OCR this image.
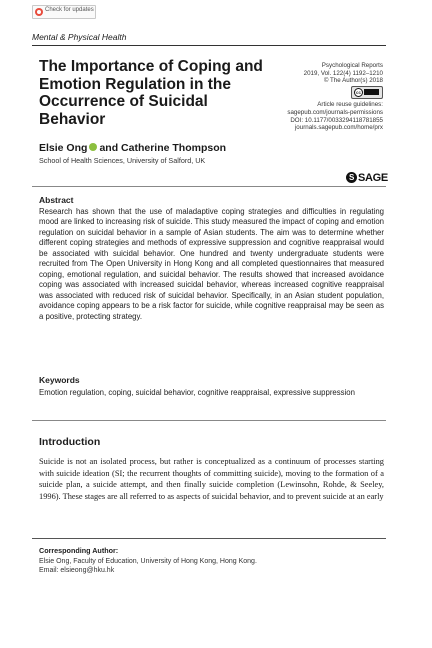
Check for updates
Mental & Physical Health
The Importance of Coping and Emotion Regulation in the Occurrence of Suicidal Behavior
Psychological Reports
2019, Vol. 122(4) 1192–1210
© The Author(s) 2018
cc
Article reuse guidelines:
sagepub.com/journals-permissions
DOI: 10.1177/0033294118781855
journals.sagepub.com/home/prx
S SAGE
Elsie Ong and Catherine Thompson
School of Health Sciences, University of Salford, UK
Abstract
Research has shown that the use of maladaptive coping strategies and difficulties in regulating mood are linked to increasing risk of suicide. This study measured the impact of coping and emotion regulation on suicidal behavior in a sample of Asian students. The aim was to determine whether different coping strategies and methods of expressive suppression and cognitive reappraisal would be associated with suicidal behavior. One hundred and twenty undergraduate students were recruited from The Open University in Hong Kong and all completed questionnaires that measured coping, emotional regulation, and suicidal behavior. The results showed that increased avoidance coping was associated with increased suicidal behavior, whereas increased cognitive reappraisal was associated with reduced risk of suicidal behavior. Specifically, in an Asian student population, avoidance coping appears to be a risk factor for suicide, while cognitive reappraisal may be seen as a positive, protecting strategy.
Keywords
Emotion regulation, coping, suicidal behavior, cognitive reappraisal, expressive suppression
Introduction
Suicide is not an isolated process, but rather is conceptualized as a continuum of processes starting with suicide ideation (SI; the recurrent thoughts of committing suicide), moving to the formation of a suicide plan, a suicide attempt, and then finally suicide completion (Lewinsohn, Rohde, & Seeley, 1996). These stages are all referred to as aspects of suicidal behavior, and to prevent suicide at an early
Corresponding Author:
Elsie Ong, Faculty of Education, University of Hong Kong, Hong Kong.
Email: elsieong@hku.hk
